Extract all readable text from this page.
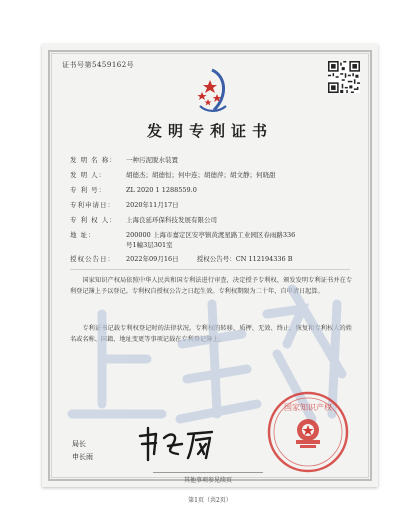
证书号第5459162号
发明专利证书
发 明 名 称： 一种污泥脱水装置
发 明 人：	胡德杰；胡德恒；何中连；胡德萍；胡文静；何晓甜
专 利 号：	ZL 2020 1 1288559.0
专利申请日： 2020年11月17日
专 利 权 人： 上海良延环保科技发展有限公司
地 址：	200000 上海市嘉定区安亭镇黄渡星路工业园区春雨路336
号1幢3层301室
授权公告日： 2022年09月16日	授权公告号：CN 112194336 B
国家知识产权局依照中华人民共和国专利法进行审查，决定授予专利权，颁发发明专利证书并在专利登记簿上予以登记。专利权自授权公告之日起生效。专利权期限为二十年，自申请日起算。
专利证书记载专利权登记时的法律状况。专利权的转移、质押、无效、终止、恢复和专利权人的姓名或名称、国籍、地址变更等事项记载在专利登记簿上。
局长
申长雨
国家知识产权
第1页（共2页）
其他事项参见续页
